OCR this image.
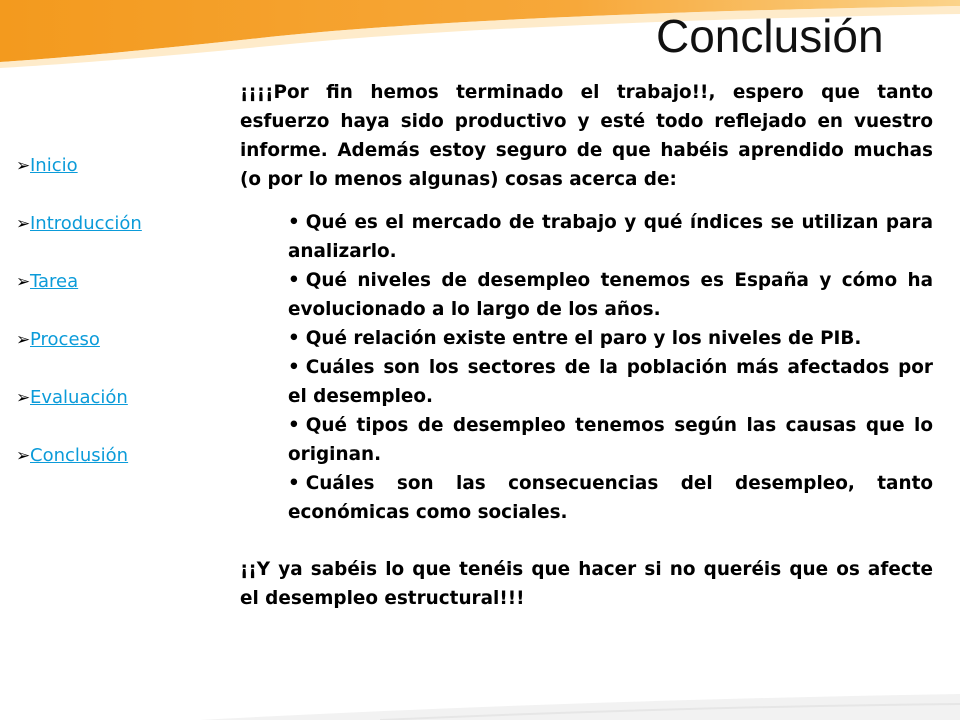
Conclusión
➢ Inicio
➢ Introducción
➢ Tarea
➢ Proceso
➢ Evaluación
➢ Conclusión

¡¡¡¡Por fin hemos terminado el trabajo!!, espero que tanto esfuerzo haya sido productivo y esté todo reflejado en vuestro informe. Además estoy seguro de que habéis aprendido muchas (o por lo menos algunas) cosas acerca de:

• Qué es el mercado de trabajo y qué índices se utilizan para analizarlo.
• Qué niveles de desempleo tenemos es España y cómo ha evolucionado a lo largo de los años.
• Qué relación existe entre el paro y los niveles de PIB.
• Cuáles son los sectores de la población más afectados por el desempleo.
• Qué tipos de desempleo tenemos según las causas que lo originan.
• Cuáles son las consecuencias del desempleo, tanto económicas como sociales.

¡¡Y ya sabéis lo que tenéis que hacer si no queréis que os afecte el desempleo estructural!!!
